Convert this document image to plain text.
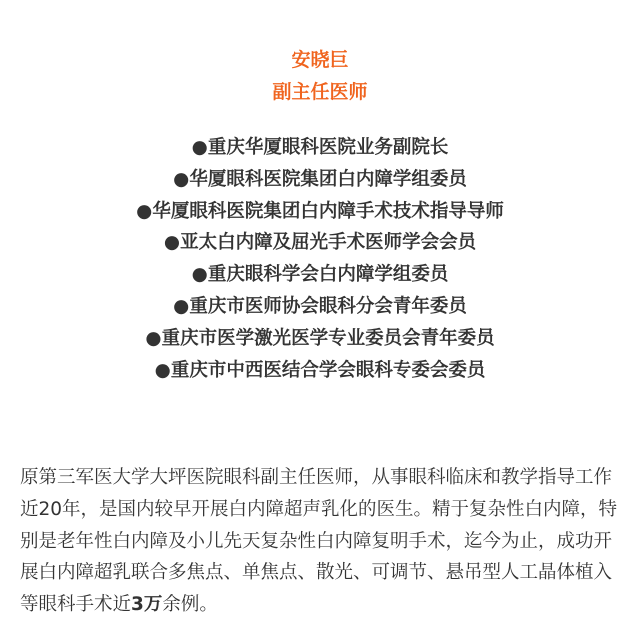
安晓巨
副主任医师
●重庆华厦眼科医院业务副院长
●华厦眼科医院集团白内障学组委员
●华厦眼科医院集团白内障手术技术指导导师
●亚太白内障及屈光手术医师学会会员
●重庆眼科学会白内障学组委员
●重庆市医师协会眼科分会青年委员
●重庆市医学激光医学专业委员会青年委员
●重庆市中西医结合学会眼科专委会委员

原第三军医大学大坪医院眼科副主任医师，从事眼科临床和教学指导工作近20年，是国内较早开展白内障超声乳化的医生。精于复杂性白内障，特别是老年性白内障及小儿先天复杂性白内障复明手术，迄今为止，成功开展白内障超乳联合多焦点、单焦点、散光、可调节、悬吊型人工晶体植入等眼科手术近3万余例。
